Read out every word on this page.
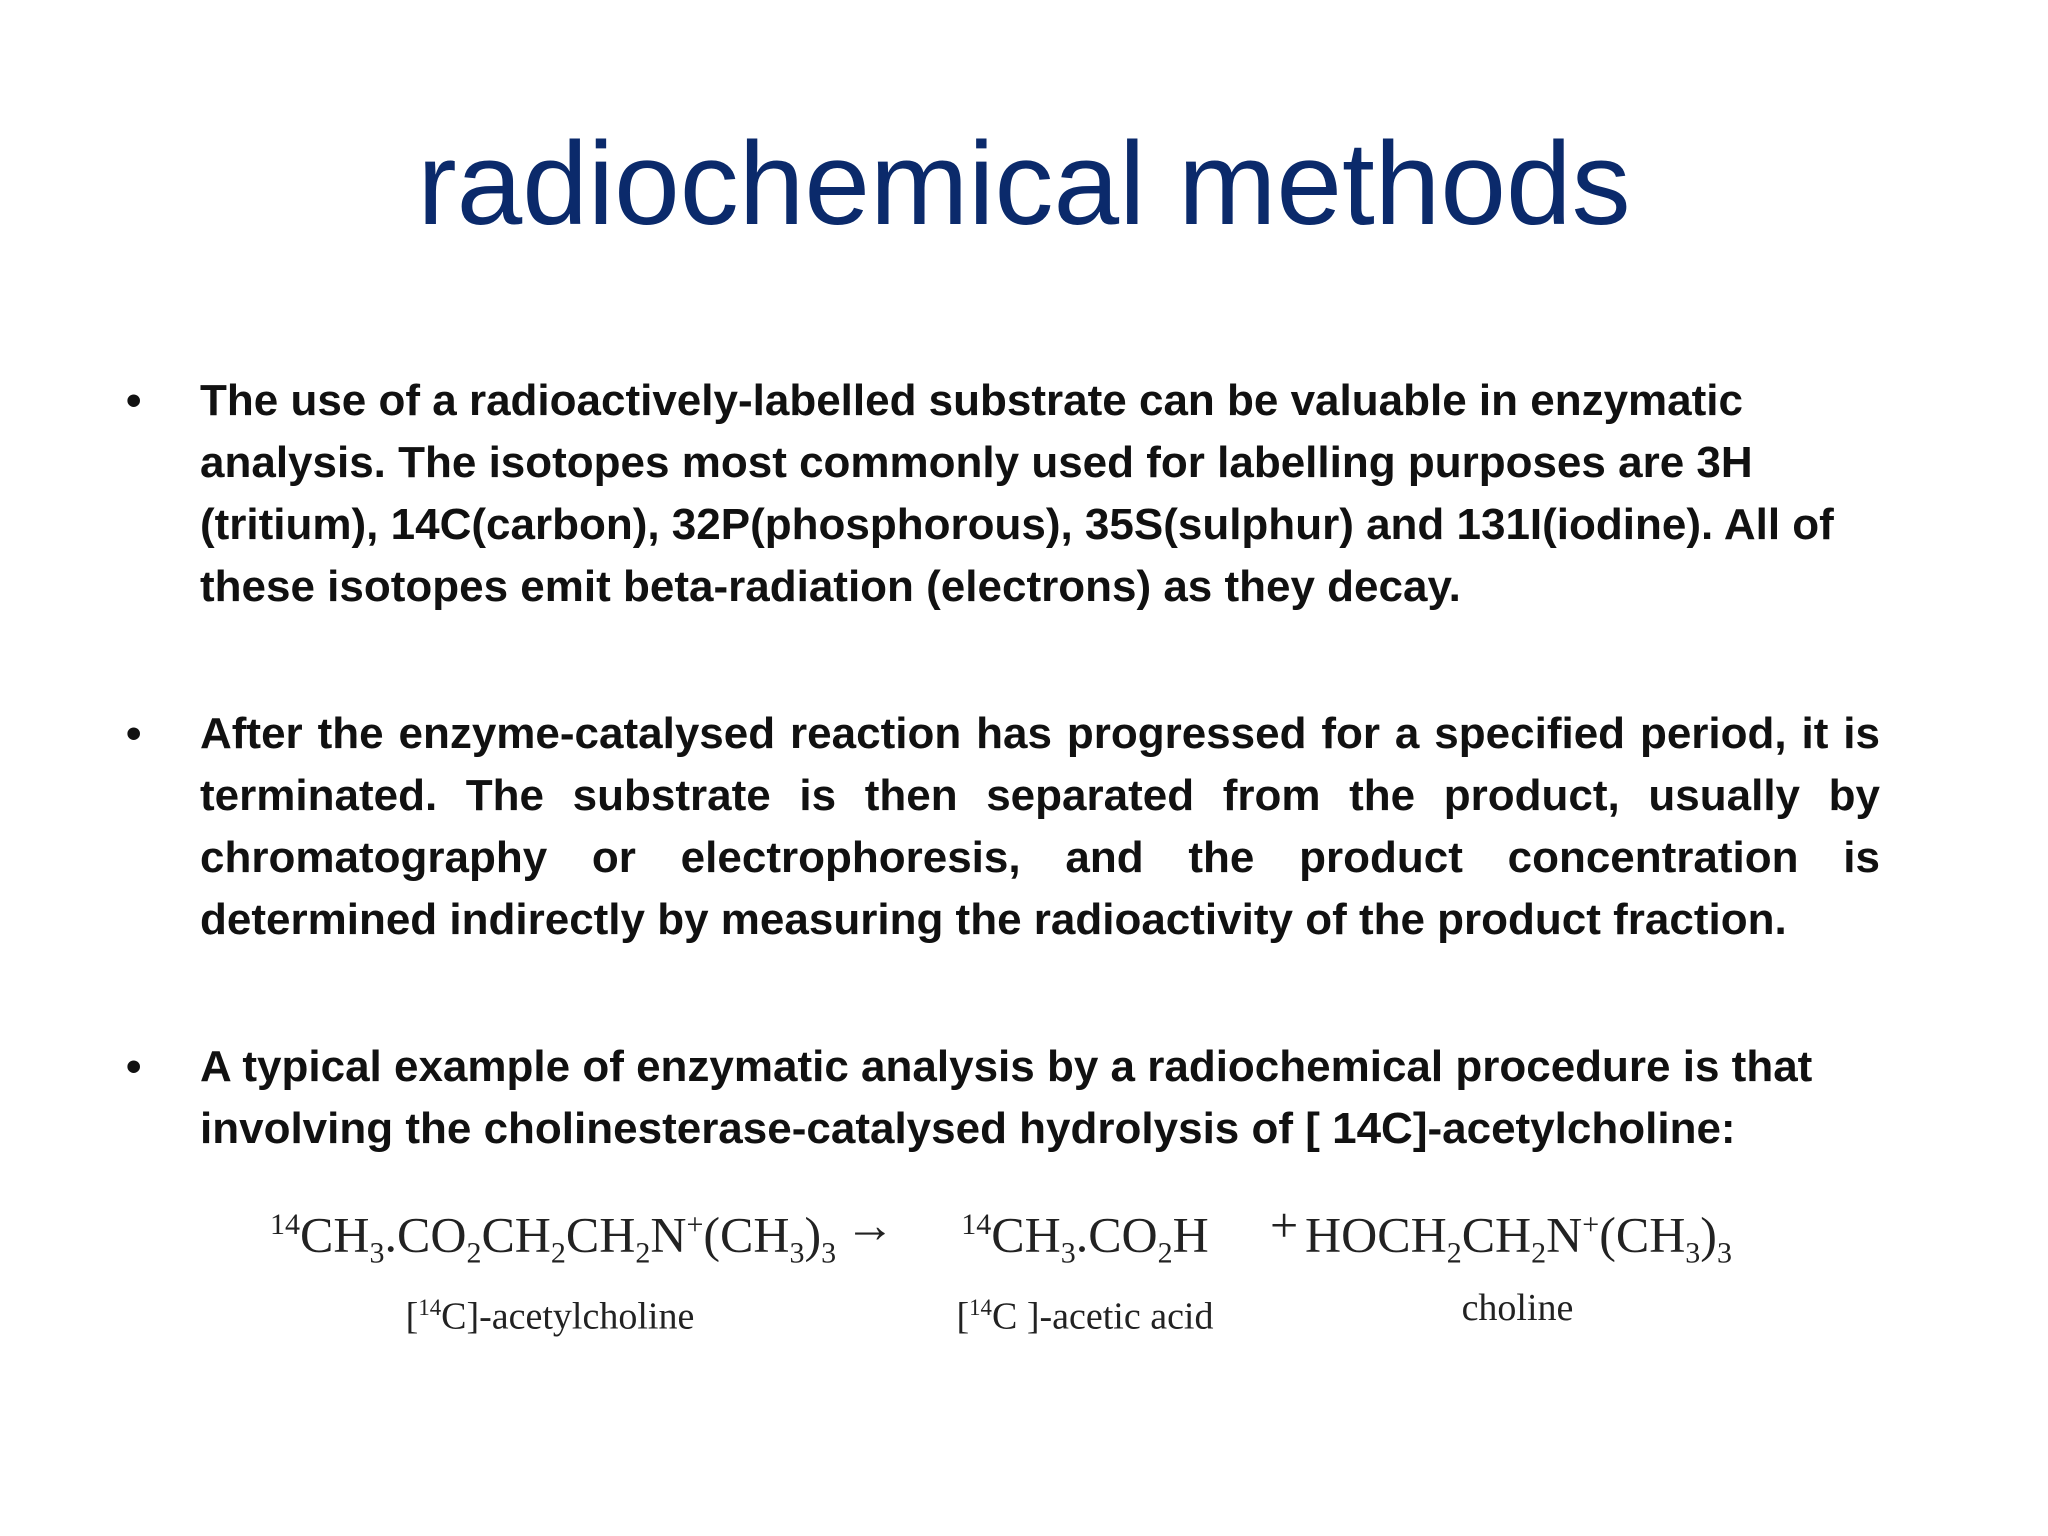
radiochemical methods
• The use of a radioactively-labelled substrate can be valuable in enzymatic analysis. The isotopes most commonly used for labelling purposes are 3H (tritium), 14C(carbon), 32P(phosphorous), 35S(sulphur) and 131I(iodine). All of these isotopes emit beta-radiation (electrons) as they decay.
• After the enzyme-catalysed reaction has progressed for a specified period, it is terminated. The substrate is then separated from the product, usually by chromatography or electrophoresis, and the product concentration is determined indirectly by measuring the radioactivity of the product fraction.
• A typical example of enzymatic analysis by a radiochemical procedure is that involving the cholinesterase-catalysed hydrolysis of [ 14C]-acetylcholine:
$^{14}CH_3.CO_2CH_2CH_2N^+(CH_3)_3$
[$^{14}$C]-acetylcholine
→	$^{14}CH_3.CO_2H$
[$^{14}$C ]-acetic acid
+ $HOCH_2CH_2N^+(CH_3)_3$
choline
